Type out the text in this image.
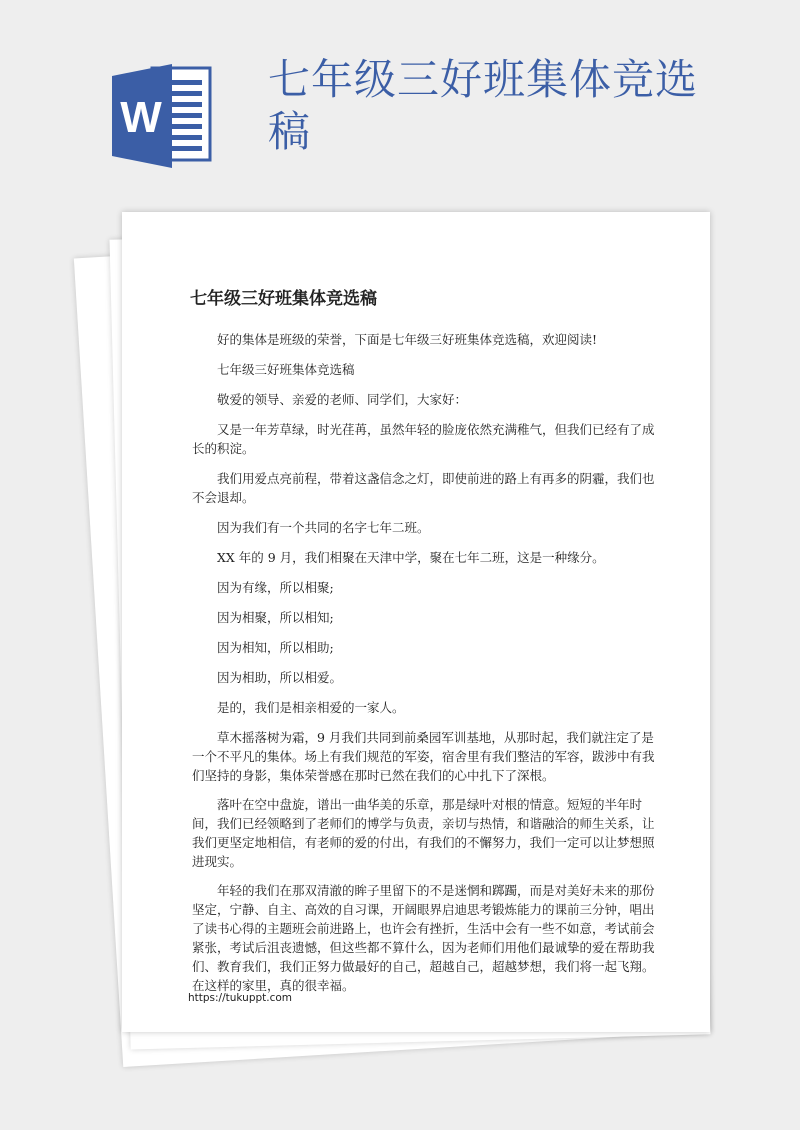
W
七年级三好班集体竞选稿
七年级三好班集体竞选稿

好的集体是班级的荣誉，下面是七年级三好班集体竞选稿，欢迎阅读!

七年级三好班集体竞选稿

敬爱的领导、亲爱的老师、同学们，大家好：

又是一年芳草绿，时光荏苒，虽然年轻的脸庞依然充满稚气，但我们已经有了成长的积淀。

我们用爱点亮前程，带着这盏信念之灯，即使前进的路上有再多的阴霾，我们也不会退却。

因为我们有一个共同的名字七年二班。

XX 年的 9 月，我们相聚在天津中学，聚在七年二班，这是一种缘分。

因为有缘，所以相聚;

因为相聚，所以相知;

因为相知，所以相助;

因为相助，所以相爱。

是的，我们是相亲相爱的一家人。

草木摇落树为霜，9 月我们共同到前桑园军训基地，从那时起，我们就注定了是一个不平凡的集体。场上有我们规范的军姿，宿舍里有我们整洁的军容，跋涉中有我们坚持的身影，集体荣誉感在那时已然在我们的心中扎下了深根。

落叶在空中盘旋，谱出一曲华美的乐章，那是绿叶对根的情意。短短的半年时间，我们已经领略到了老师们的博学与负责，亲切与热情，和谐融洽的师生关系，让我们更坚定地相信，有老师的爱的付出，有我们的不懈努力，我们一定可以让梦想照进现实。

年轻的我们在那双清澈的眸子里留下的不是迷惘和踯躅，而是对美好未来的那份坚定，宁静、自主、高效的自习课，开阔眼界启迪思考锻炼能力的课前三分钟，唱出了读书心得的主题班会前进路上，也许会有挫折，生活中会有一些不如意，考试前会紧张，考试后沮丧遗憾，但这些都不算什么，因为老师们用他们最诚挚的爱在帮助我们、教育我们，我们正努力做最好的自己，超越自己，超越梦想，我们将一起飞翔。在这样的家里，真的很幸福。

https://tukuppt.com
